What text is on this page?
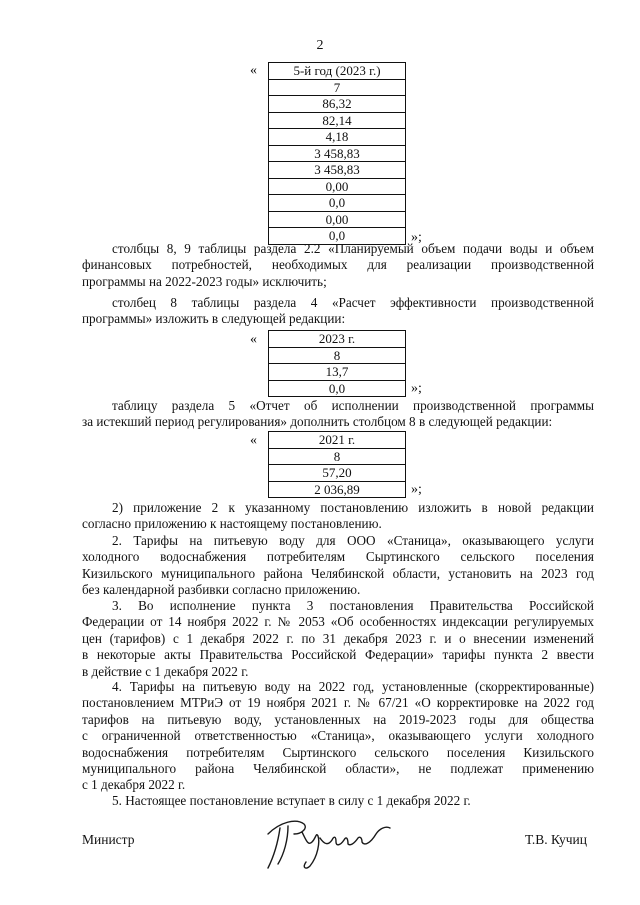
2
«	5-й год (2023 г.)
7
86,32
82,14
4,18
3 458,83
3 458,83
0,00
0,0
0,00
0,0	»;
столбцы 8, 9 таблицы раздела 2.2 «Планируемый объем подачи воды и объем
финансовых потребностей, необходимых для реализации производственной
программы на 2022-2023 годы» исключить;
столбец 8 таблицы раздела 4 «Расчет эффективности производственной
программы» изложить в следующей редакции:
«	2023 г.
8
13,7
0,0	»;
таблицу раздела 5 «Отчет об исполнении производственной программы
за истекший период регулирования» дополнить столбцом 8 в следующей редакции:
«	2021 г.
8
57,20
2 036,89	»;
2) приложение 2 к указанному постановлению изложить в новой редакции
согласно приложению к настоящему постановлению.
2. Тарифы на питьевую воду для ООО «Станица», оказывающего услуги
холодного водоснабжения потребителям Сыртинского сельского поселения
Кизильского муниципального района Челябинской области, установить на 2023 год
без календарной разбивки согласно приложению.
3. Во исполнение пункта 3 постановления Правительства Российской
Федерации от 14 ноября 2022 г. № 2053 «Об особенностях индексации регулируемых
цен (тарифов) с 1 декабря 2022 г. по 31 декабря 2023 г. и о внесении изменений
в некоторые акты Правительства Российской Федерации» тарифы пункта 2 ввести
в действие с 1 декабря 2022 г.
4. Тарифы на питьевую воду на 2022 год, установленные (скорректированные)
постановлением МТРиЭ от 19 ноября 2021 г. № 67/21 «О корректировке на 2022 год
тарифов на питьевую воду, установленных на 2019-2023 годы для общества
с ограниченной ответственностью «Станица», оказывающего услуги холодного
водоснабжения потребителям Сыртинского сельского поселения Кизильского
муниципального района Челябинской области», не подлежат применению
с 1 декабря 2022 г.
5. Настоящее постановление вступает в силу с 1 декабря 2022 г.
Министр	Т.В. Кучиц
